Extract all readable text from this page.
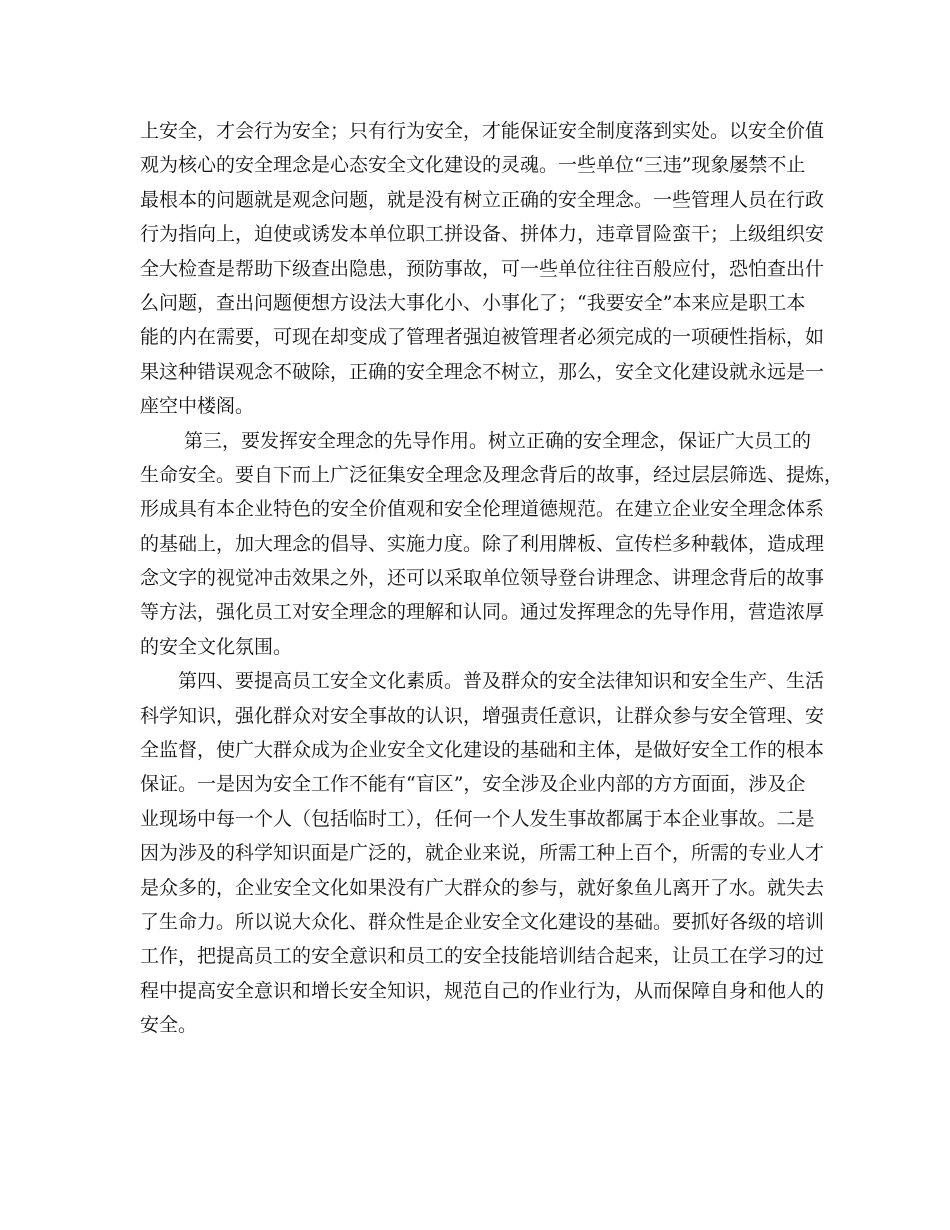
上安全，才会行为安全；只有行为安全，才能保证安全制度落到实处。以安全价值
观为核心的安全理念是心态安全文化建设的灵魂。一些单位“三违”现象屡禁不止
最根本的问题就是观念问题，就是没有树立正确的安全理念。一些管理人员在行政
行为指向上，迫使或诱发本单位职工拼设备、拼体力，违章冒险蛮干；上级组织安
全大检查是帮助下级查出隐患，预防事故，可一些单位往往百般应付，恐怕查出什
么问题，查出问题便想方设法大事化小、小事化了；“我要安全”本来应是职工本
能的内在需要，可现在却变成了管理者强迫被管理者必须完成的一项硬性指标，如
果这种错误观念不破除，正确的安全理念不树立，那么，安全文化建设就永远是一
座空中楼阁。
　　 第三，要发挥安全理念的先导作用。树立正确的安全理念，保证广大员工的
生命安全。要自下而上广泛征集安全理念及理念背后的故事，经过层层筛选、提炼，
形成具有本企业特色的安全价值观和安全伦理道德规范。在建立企业安全理念体系
的基础上，加大理念的倡导、实施力度。除了利用牌板、宣传栏多种载体，造成理
念文字的视觉冲击效果之外，还可以采取单位领导登台讲理念、讲理念背后的故事
等方法，强化员工对安全理念的理解和认同。通过发挥理念的先导作用，营造浓厚
的安全文化氛围。
　　第四、要提高员工安全文化素质。普及群众的安全法律知识和安全生产、生活
科学知识，强化群众对安全事故的认识，增强责任意识，让群众参与安全管理、安
全监督，使广大群众成为企业安全文化建设的基础和主体，是做好安全工作的根本
保证。一是因为安全工作不能有“盲区”，安全涉及企业内部的方方面面，涉及企
业现场中每一个人（包括临时工），任何一个人发生事故都属于本企业事故。二是
因为涉及的科学知识面是广泛的，就企业来说，所需工种上百个，所需的专业人才
是众多的，企业安全文化如果没有广大群众的参与，就好象鱼儿离开了水。就失去
了生命力。所以说大众化、群众性是企业安全文化建设的基础。要抓好各级的培训
工作，把提高员工的安全意识和员工的安全技能培训结合起来，让员工在学习的过
程中提高安全意识和增长安全知识，规范自己的作业行为，从而保障自身和他人的
安全。
